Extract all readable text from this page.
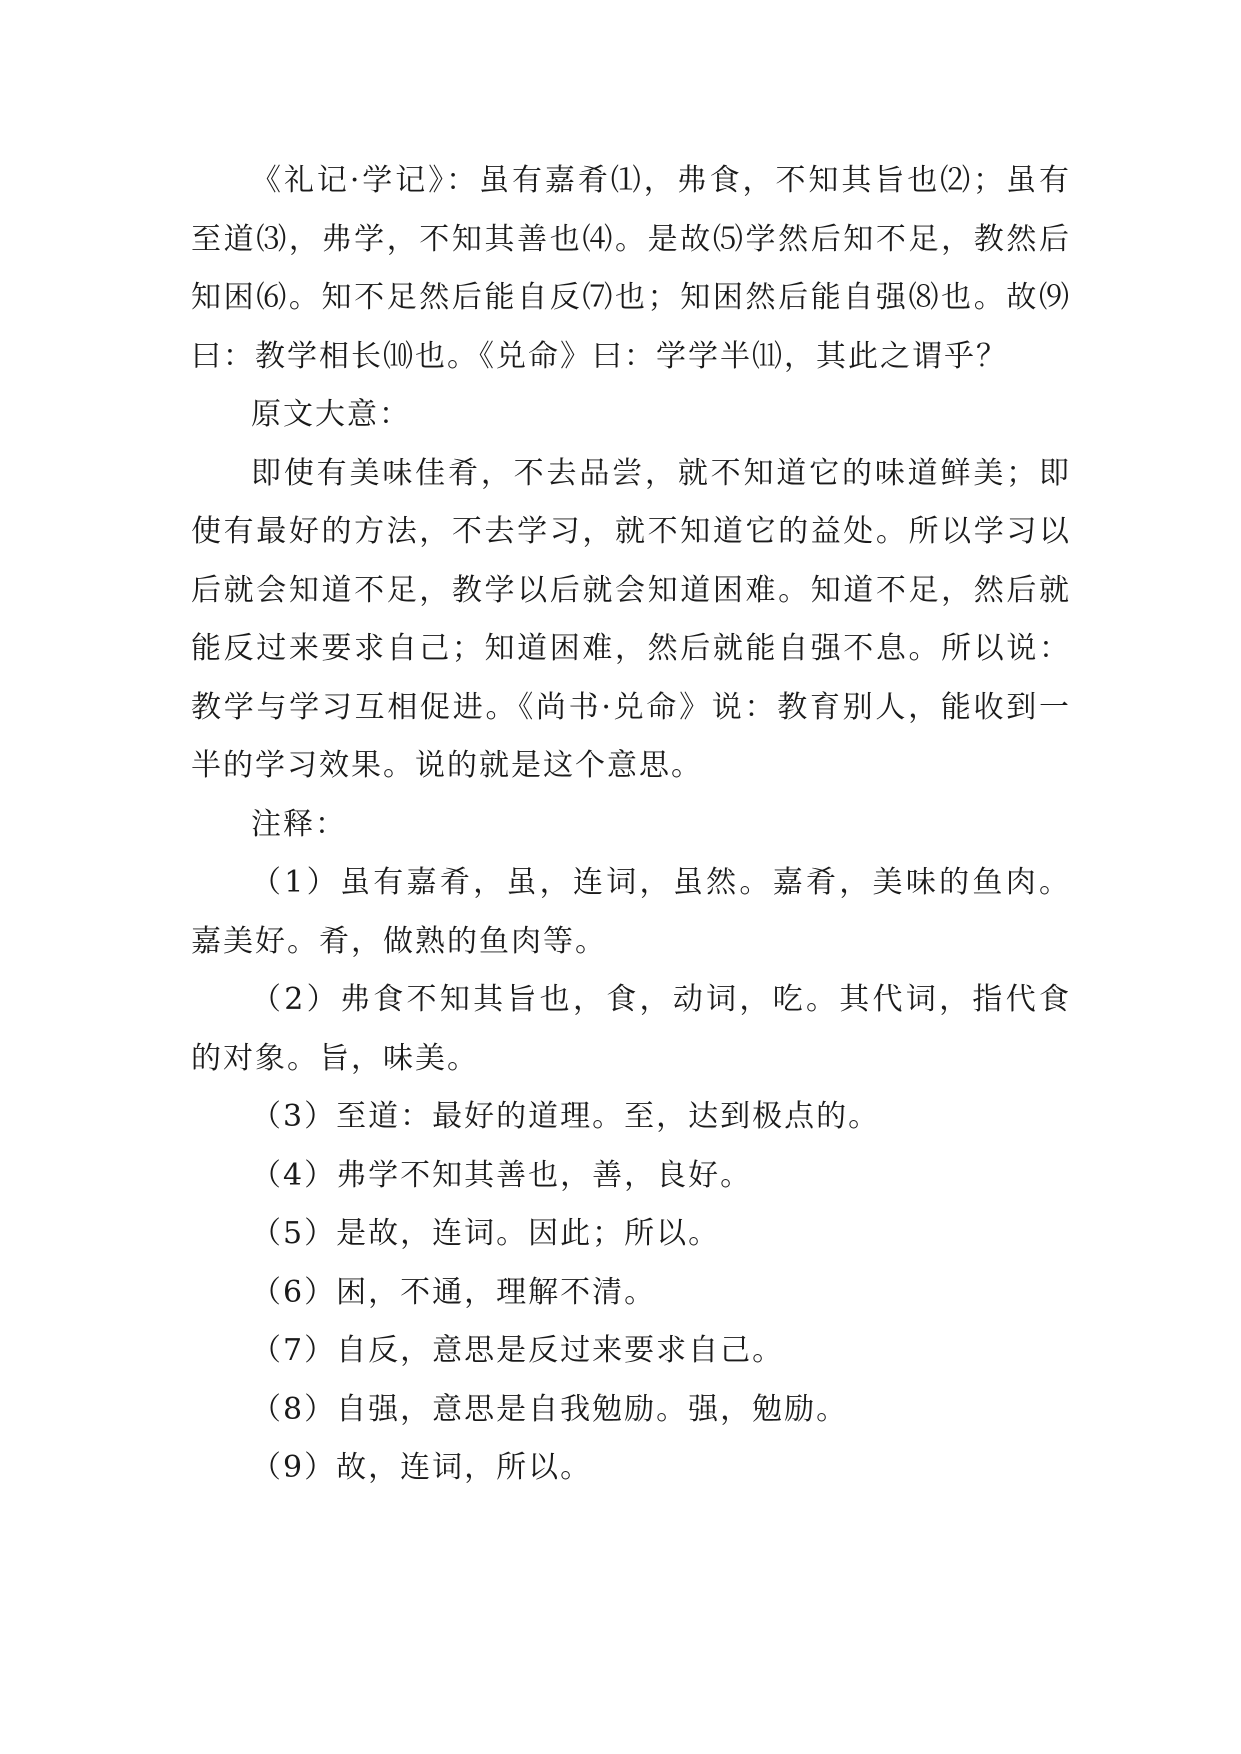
《礼记·学记》：虽有嘉肴⑴，弗食，不知其旨也⑵；虽有至道⑶，弗学，不知其善也⑷。是故⑸学然后知不足，教然后知困⑹。知不足然后能自反⑺也；知困然后能自强⑻也。故⑼曰：教学相长⑽也。《兑命》曰：学学半⑾，其此之谓乎？

原文大意：

即使有美味佳肴，不去品尝，就不知道它的味道鲜美；即使有最好的方法，不去学习，就不知道它的益处。所以学习以后就会知道不足，教学以后就会知道困难。知道不足，然后就能反过来要求自己；知道困难，然后就能自强不息。所以说：教学与学习互相促进。《尚书·兑命》说：教育别人，能收到一半的学习效果。说的就是这个意思。

注释：

（1）虽有嘉肴，虽，连词，虽然。嘉肴，美味的鱼肉。嘉美好。肴，做熟的鱼肉等。

（2）弗食不知其旨也，食，动词，吃。其代词，指代食的对象。旨，味美。

（3）至道：最好的道理。至，达到极点的。

（4）弗学不知其善也，善，良好。

（5）是故，连词。因此；所以。

（6）困，不通，理解不清。

（7）自反，意思是反过来要求自己。

（8）自强，意思是自我勉励。强，勉励。

（9）故，连词，所以。
